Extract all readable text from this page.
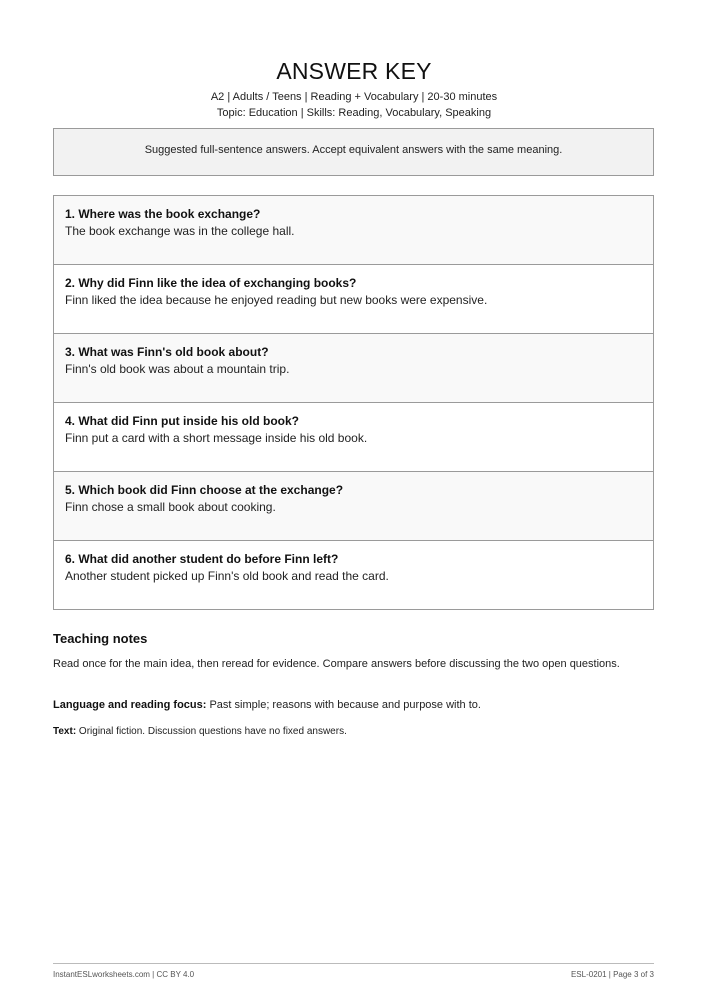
ANSWER KEY
A2 | Adults / Teens | Reading + Vocabulary | 20-30 minutes
Topic: Education | Skills: Reading, Vocabulary, Speaking
Suggested full-sentence answers. Accept equivalent answers with the same meaning.
1. Where was the book exchange?
The book exchange was in the college hall.
2. Why did Finn like the idea of exchanging books?
Finn liked the idea because he enjoyed reading but new books were expensive.
3. What was Finn's old book about?
Finn's old book was about a mountain trip.
4. What did Finn put inside his old book?
Finn put a card with a short message inside his old book.
5. Which book did Finn choose at the exchange?
Finn chose a small book about cooking.
6. What did another student do before Finn left?
Another student picked up Finn's old book and read the card.
Teaching notes

Read once for the main idea, then reread for evidence. Compare answers before discussing the two open questions.

Language and reading focus: Past simple; reasons with because and purpose with to.

Text: Original fiction. Discussion questions have no fixed answers.

InstantESLworksheets.com | CC BY 4.0	ESL-0201 | Page 3 of 3
